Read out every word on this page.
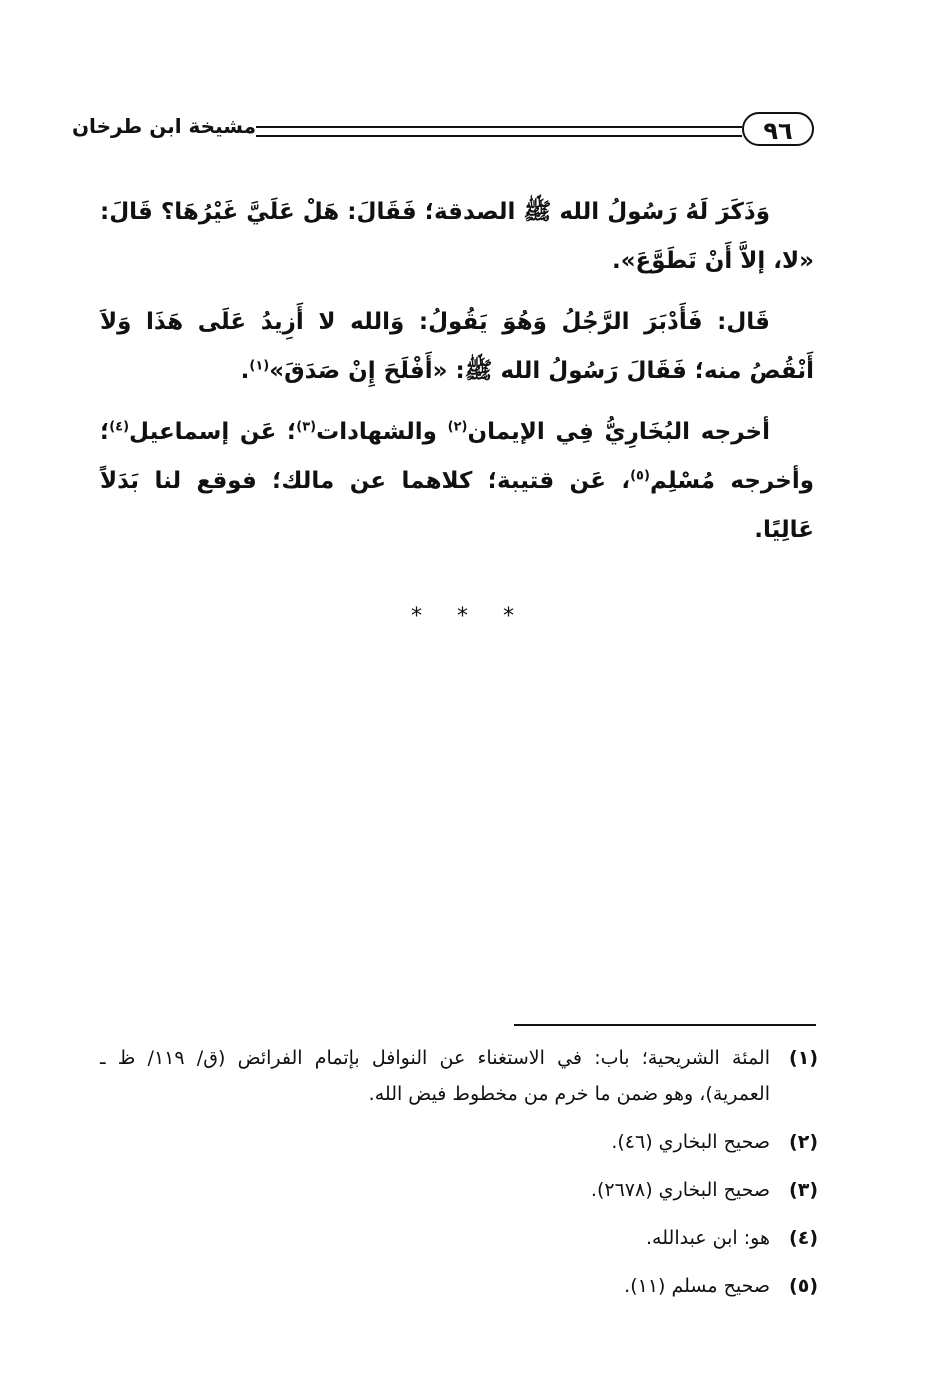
٩٦
مشيخة ابن طرخان

وَذَكَرَ لَهُ رَسُولُ الله ﷺ الصدقة؛ فَقَالَ: هَلْ عَلَيَّ غَيْرُهَا؟ قَالَ: «لا، إلاَّ أَنْ تَطَوَّعَ».

قَال: فَأَدْبَرَ الرَّجُلُ وَهُوَ يَقُولُ: وَالله لا أَزِيدُ عَلَى هَذَا وَلاَ أَنْقُصُ منه؛ فَقَالَ رَسُولُ الله ﷺ: «أَفْلَحَ إِنْ صَدَقَ»$^{(١)}$.

أخرجه البُخَارِيُّ فِي الإيمان$^{(٢)}$ والشهادات$^{(٣)}$؛ عَن إسماعيل$^{(٤)}$؛ وأخرجه مُسْلِم$^{(٥)}$، عَن قتيبة؛ كلاهما عن مالك؛ فوقع لنا بَدَلاً عَالِيًا.

* * *
(١)
المئة الشريحية؛ باب: في الاستغناء عن النوافل بإتمام الفرائض (ق/ ١١٩/ ظ ـ العمرية)، وهو ضمن ما خرم من مخطوط فيض الله.
(٢)
صحيح البخاري (٤٦).
(٣)
صحيح البخاري (٢٦٧٨).
(٤)
هو: ابن عبدالله.
(٥)
صحيح مسلم (١١).
